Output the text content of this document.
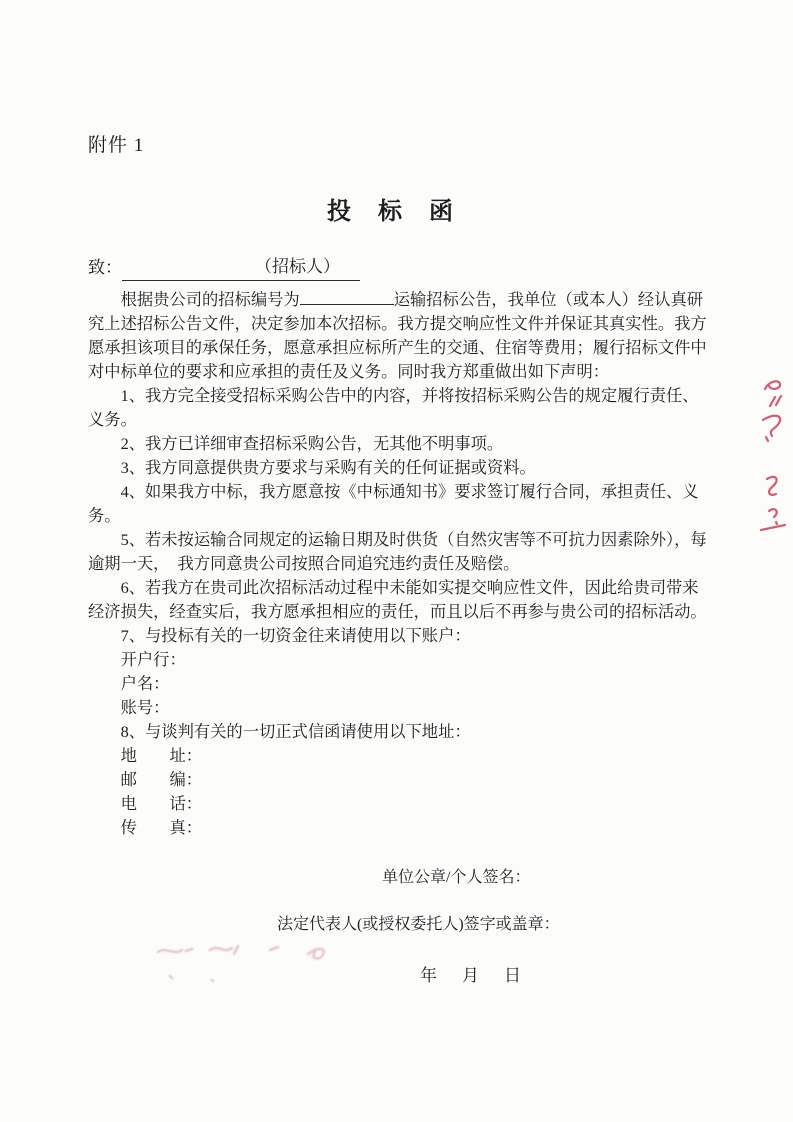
附件 1
投标函
致：	（招标人）
根据贵公司的招标编号为	运输招标公告，我单位（或本人）经认真研
究上述招标公告文件，决定参加本次招标。我方提交响应性文件并保证其真实性。我方
愿承担该项目的承保任务，愿意承担应标所产生的交通、住宿等费用；履行招标文件中
对中标单位的要求和应承担的责任及义务。同时我方郑重做出如下声明：
1、我方完全接受招标采购公告中的内容，并将按招标采购公告的规定履行责任、
义务。
2、我方已详细审查招标采购公告，无其他不明事项。
3、我方同意提供贵方要求与采购有关的任何证据或资料。
4、如果我方中标，我方愿意按《中标通知书》要求签订履行合同，承担责任、义
务。
5、若未按运输合同规定的运输日期及时供货（自然灾害等不可抗力因素除外），每
逾期一天，　我方同意贵公司按照合同追究违约责任及赔偿。
6、若我方在贵司此次招标活动过程中未能如实提交响应性文件，因此给贵司带来
经济损失，经查实后，我方愿承担相应的责任，而且以后不再参与贵公司的招标活动。
7、与投标有关的一切资金往来请使用以下账户：
开户行：
户名：
账号：
8、与谈判有关的一切正式信函请使用以下地址：
地　　址：
邮　　编：
电　　话：
传　　真：
单位公章/个人签名：
法定代表人(或授权委托人)签字或盖章：
年　月　日
